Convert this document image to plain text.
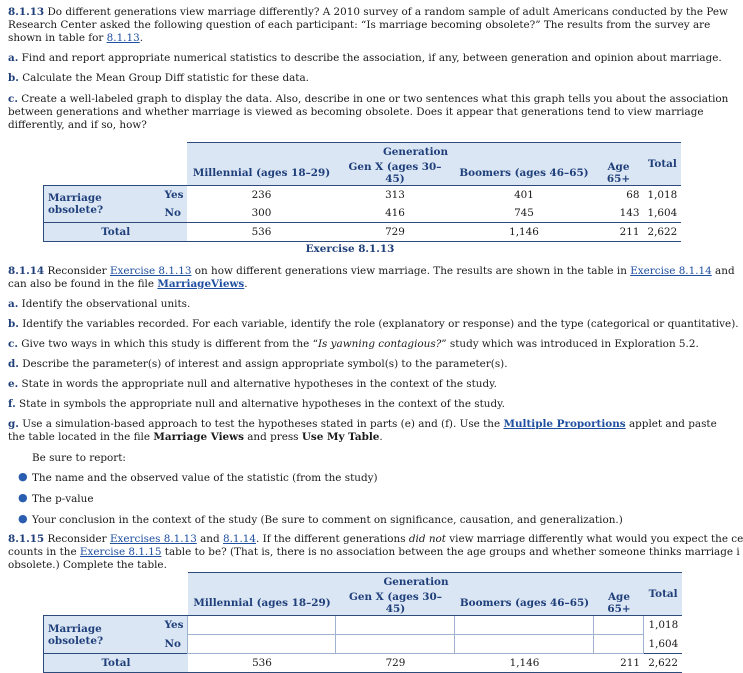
8.1.13 Do different generations view marriage differently? A 2010 survey of a random sample of adult Americans conducted by the Pew
Research Center asked the following question of each participant: “Is marriage becoming obsolete?” The results from the survey are
shown in table for 8.1.13.
a. Find and report appropriate numerical statistics to describe the association, if any, between generation and opinion about marriage.
b. Calculate the Mean Group Diff statistic for these data.
c. Create a well-labeled graph to display the data. Also, describe in one or two sentences what this graph tells you about the association
between generations and whether marriage is viewed as becoming obsolete. Does it appear that generations tend to view marriage
differently, and if so, how?
		Generation				Total
		Millennial (ages 18–29)	Gen X (ages 30–45)	Boomers (ages 46–65)	Age 65+	
Marriage obsolete?	Yes	236	313	401	68	1,018
	No	300	416	745	143	1,604
Total		536	729	1,146	211	2,622
Exercise 8.1.13
8.1.14 Reconsider Exercise 8.1.13 on how different generations view marriage. The results are shown in the table in Exercise 8.1.14 and
can also be found in the file MarriageViews.
a. Identify the observational units.
b. Identify the variables recorded. For each variable, identify the role (explanatory or response) and the type (categorical or quantitative).
c. Give two ways in which this study is different from the “Is yawning contagious?” study which was introduced in Exploration 5.2.
d. Describe the parameter(s) of interest and assign appropriate symbol(s) to the parameter(s).
e. State in words the appropriate null and alternative hypotheses in the context of the study.
f. State in symbols the appropriate null and alternative hypotheses in the context of the study.
g. Use a simulation-based approach to test the hypotheses stated in parts (e) and (f). Use the Multiple Proportions applet and paste
the table located in the file Marriage Views and press Use My Table.
Be sure to report:
● The name and the observed value of the statistic (from the study)
● The p-value
● Your conclusion in the context of the study (Be sure to comment on significance, causation, and generalization.)
8.1.15 Reconsider Exercises 8.1.13 and 8.1.14. If the different generations did not view marriage differently what would you expect the ce
counts in the Exercise 8.1.15 table to be? (That is, there is no association between the age groups and whether someone thinks marriage i
obsolete.) Complete the table.
		Generation				Total
		Millennial (ages 18–29)	Gen X (ages 30–45)	Boomers (ages 46–65)	Age 65+	
Marriage obsolete?	Yes					1,018
	No					1,604
Total		536	729	1,146	211	2,622
